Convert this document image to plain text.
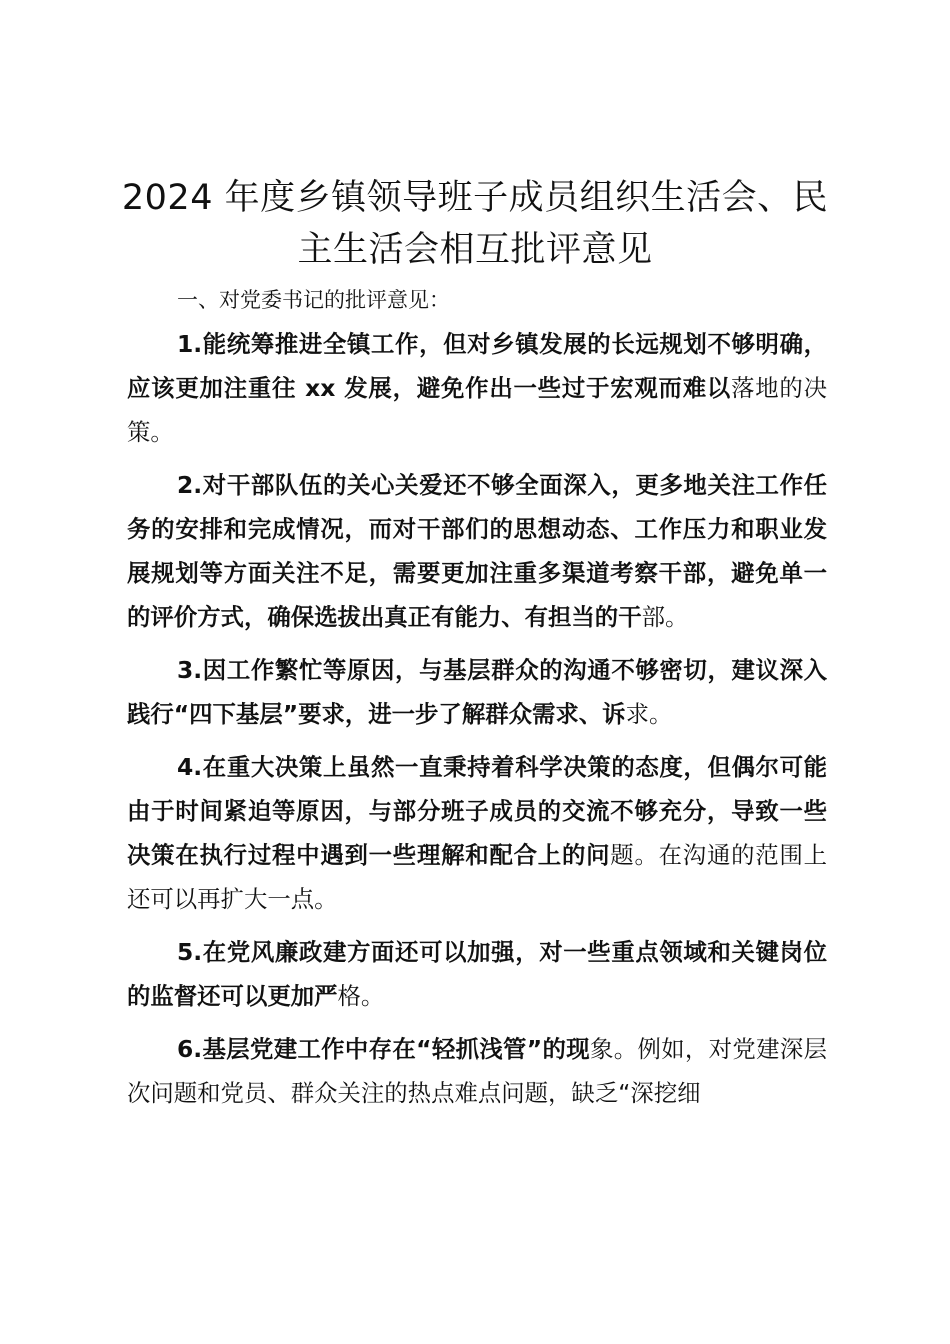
2024 年度乡镇领导班子成员组织生活会、民
主生活会相互批评意见

一、对党委书记的批评意见：

1.能统筹推进全镇工作，但对乡镇发展的长远规划不够明确，应该更加注重往 xx 发展，避免作出一些过于宏观而难以落地的决策。

2.对干部队伍的关心关爱还不够全面深入，更多地关注工作任务的安排和完成情况，而对干部们的思想动态、工作压力和职业发展规划等方面关注不足，需要更加注重多渠道考察干部，避免单一的评价方式，确保选拔出真正有能力、有担当的干部。

3.因工作繁忙等原因，与基层群众的沟通不够密切，建议深入践行“四下基层”要求，进一步了解群众需求、诉求。

4.在重大决策上虽然一直秉持着科学决策的态度，但偶尔可能由于时间紧迫等原因，与部分班子成员的交流不够充分，导致一些决策在执行过程中遇到一些理解和配合上的问题。在沟通的范围上还可以再扩大一点。

5.在党风廉政建方面还可以加强，对一些重点领域和关键岗位的监督还可以更加严格。

6.基层党建工作中存在“轻抓浅管”的现象。例如，对党建深层次问题和党员、群众关注的热点难点问题，缺乏“深挖细
